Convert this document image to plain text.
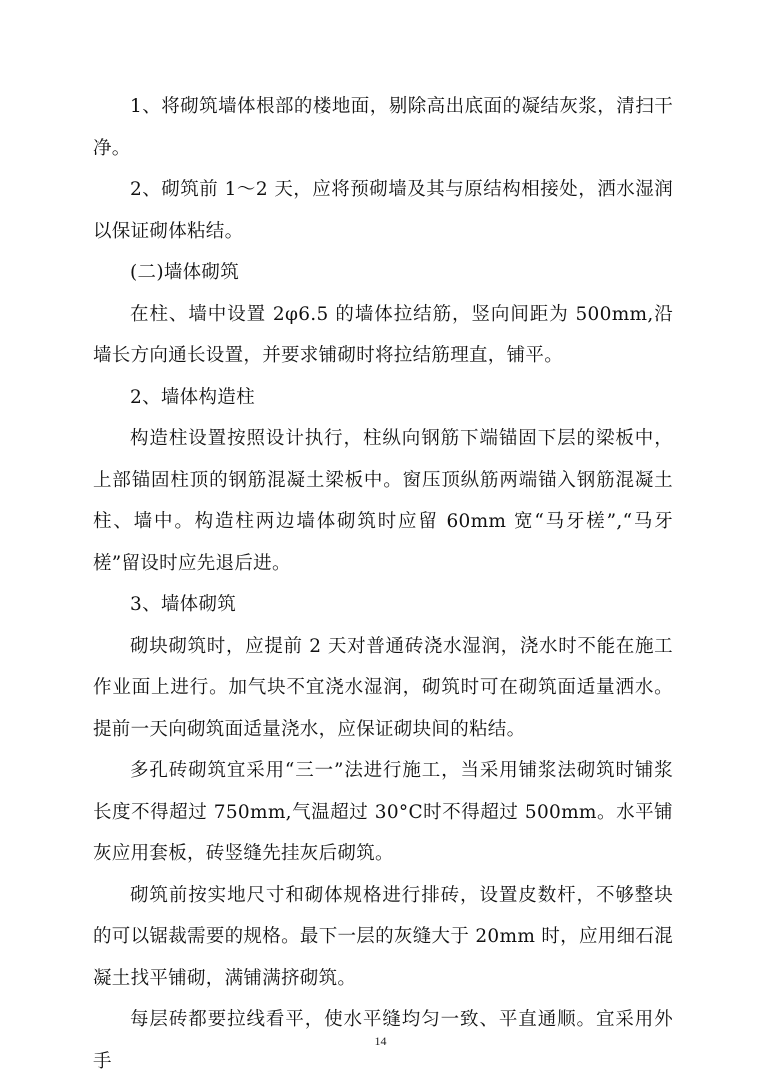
1、将砌筑墙体根部的楼地面，剔除高出底面的凝结灰浆，清扫干净。

2、砌筑前 1～2 天，应将预砌墙及其与原结构相接处，洒水湿润以保证砌体粘结。

(二)墙体砌筑

在柱、墙中设置 2φ6.5 的墙体拉结筋，竖向间距为 500mm,沿墙长方向通长设置，并要求铺砌时将拉结筋理直，铺平。

2、墙体构造柱

构造柱设置按照设计执行，柱纵向钢筋下端锚固下层的梁板中，上部锚固柱顶的钢筋混凝土梁板中。窗压顶纵筋两端锚入钢筋混凝土柱、墙中。构造柱两边墙体砌筑时应留 60mm 宽“马牙槎”,“马牙槎”留设时应先退后进。

3、墙体砌筑

砌块砌筑时，应提前 2 天对普通砖浇水湿润，浇水时不能在施工作业面上进行。加气块不宜浇水湿润，砌筑时可在砌筑面适量洒水。提前一天向砌筑面适量浇水，应保证砌块间的粘结。

多孔砖砌筑宜采用“三一”法进行施工，当采用铺浆法砌筑时铺浆长度不得超过 750mm,气温超过 30°C时不得超过 500mm。水平铺灰应用套板，砖竖缝先挂灰后砌筑。

砌筑前按实地尺寸和砌体规格进行排砖，设置皮数杆，不够整块的可以锯裁需要的规格。最下一层的灰缝大于 20mm 时，应用细石混凝土找平铺砌，满铺满挤砌筑。

每层砖都要拉线看平，使水平缝均匀一致、平直通顺。宜采用外手

14
